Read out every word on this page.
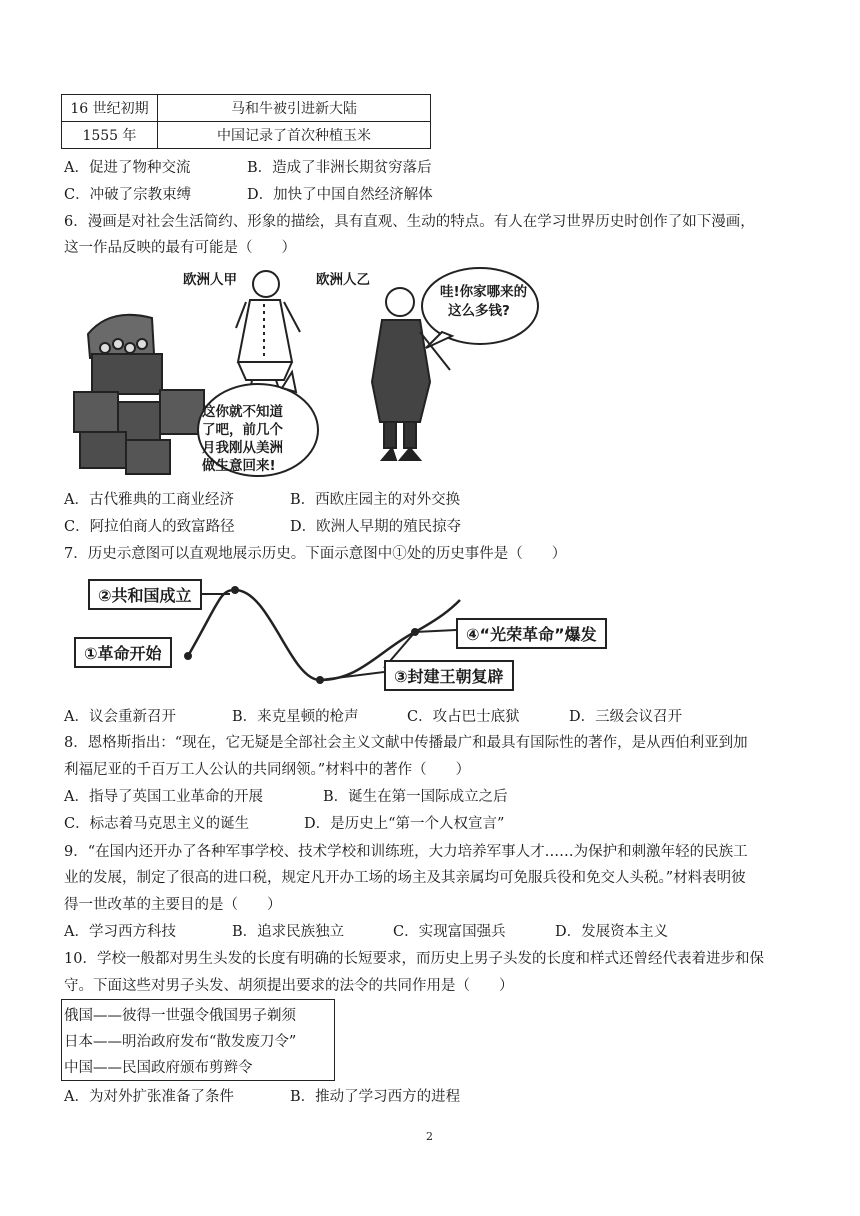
16 世纪初期	马和牛被引进新大陆
1555 年	中国记录了首次种植玉米
A．促进了物种交流	B．造成了非洲长期贫穷落后
C．冲破了宗教束缚	D．加快了中国自然经济解体
6．漫画是对社会生活简约、形象的描绘，具有直观、生动的特点。有人在学习世界历史时创作了如下漫画，
这一作品反映的最有可能是（　　）
欧洲人甲	欧洲人乙
哇!你家哪来的
这么多钱?
这你就不知道
了吧，前几个
月我刚从美洲
做生意回来!
A．古代雅典的工商业经济	B．西欧庄园主的对外交换
C．阿拉伯商人的致富路径	D．欧洲人早期的殖民掠夺
7．历史示意图可以直观地展示历史。下面示意图中①处的历史事件是（　　）
①革命开始
②共和国成立
③封建王朝复辟
④“光荣革命”爆发
A．议会重新召开	B．来克星顿的枪声	C．攻占巴士底狱	D．三级会议召开
8．恩格斯指出：“现在，它无疑是全部社会主义文献中传播最广和最具有国际性的著作，是从西伯利亚到加
利福尼亚的千百万工人公认的共同纲领。”材料中的著作（　　）
A．指导了英国工业革命的开展	B．诞生在第一国际成立之后
C．标志着马克思主义的诞生	D．是历史上“第一个人权宣言”
9．“在国内还开办了各种军事学校、技术学校和训练班，大力培养军事人才……为保护和刺激年轻的民族工
业的发展，制定了很高的进口税，规定凡开办工场的场主及其亲属均可免服兵役和免交人头税。”材料表明彼
得一世改革的主要目的是（　　）
A．学习西方科技	B．追求民族独立	C．实现富国强兵	D．发展资本主义
10．学校一般都对男生头发的长度有明确的长短要求，而历史上男子头发的长度和样式还曾经代表着进步和保
守。下面这些对男子头发、胡须提出要求的法令的共同作用是（　　）
俄国——彼得一世强令俄国男子剃须
日本——明治政府发布“散发废刀令”
中国——民国政府颁布剪辫令
A．为对外扩张准备了条件	B．推动了学习西方的进程
2
